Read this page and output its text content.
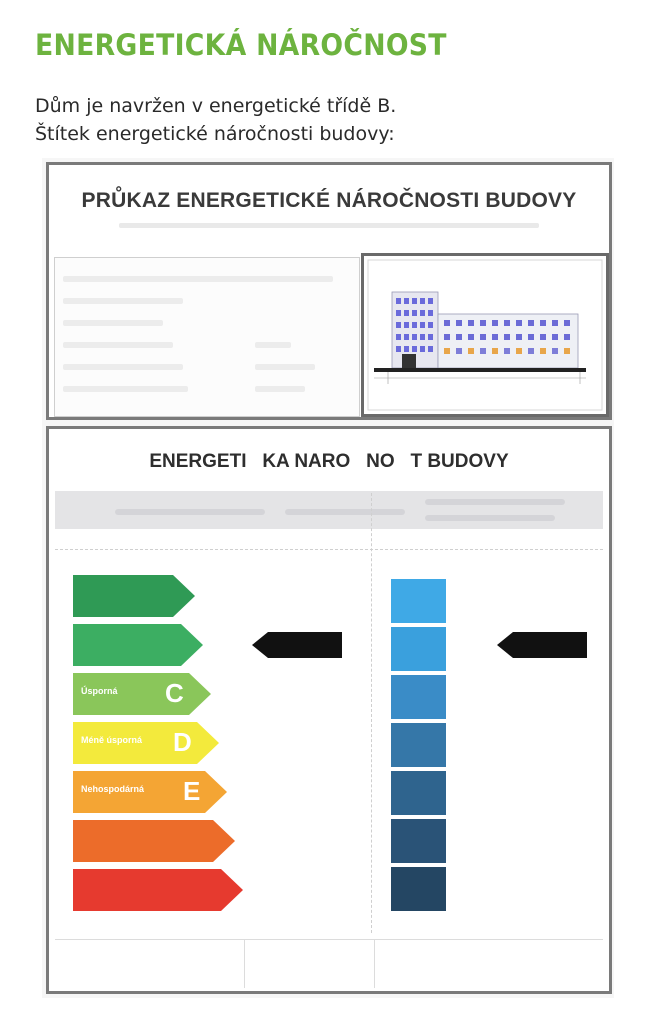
ENERGETICKÁ NÁROČNOST
Dům je navržen v energetické třídě B.
Štítek energetické náročnosti budovy:
PRŮKAZ ENERGETICKÉ NÁROČNOSTI BUDOVY
ENERGETI   KA NARO   NO   T BUDOVY
Úsporná C
Méně úsporná D
Nehospodárná E
